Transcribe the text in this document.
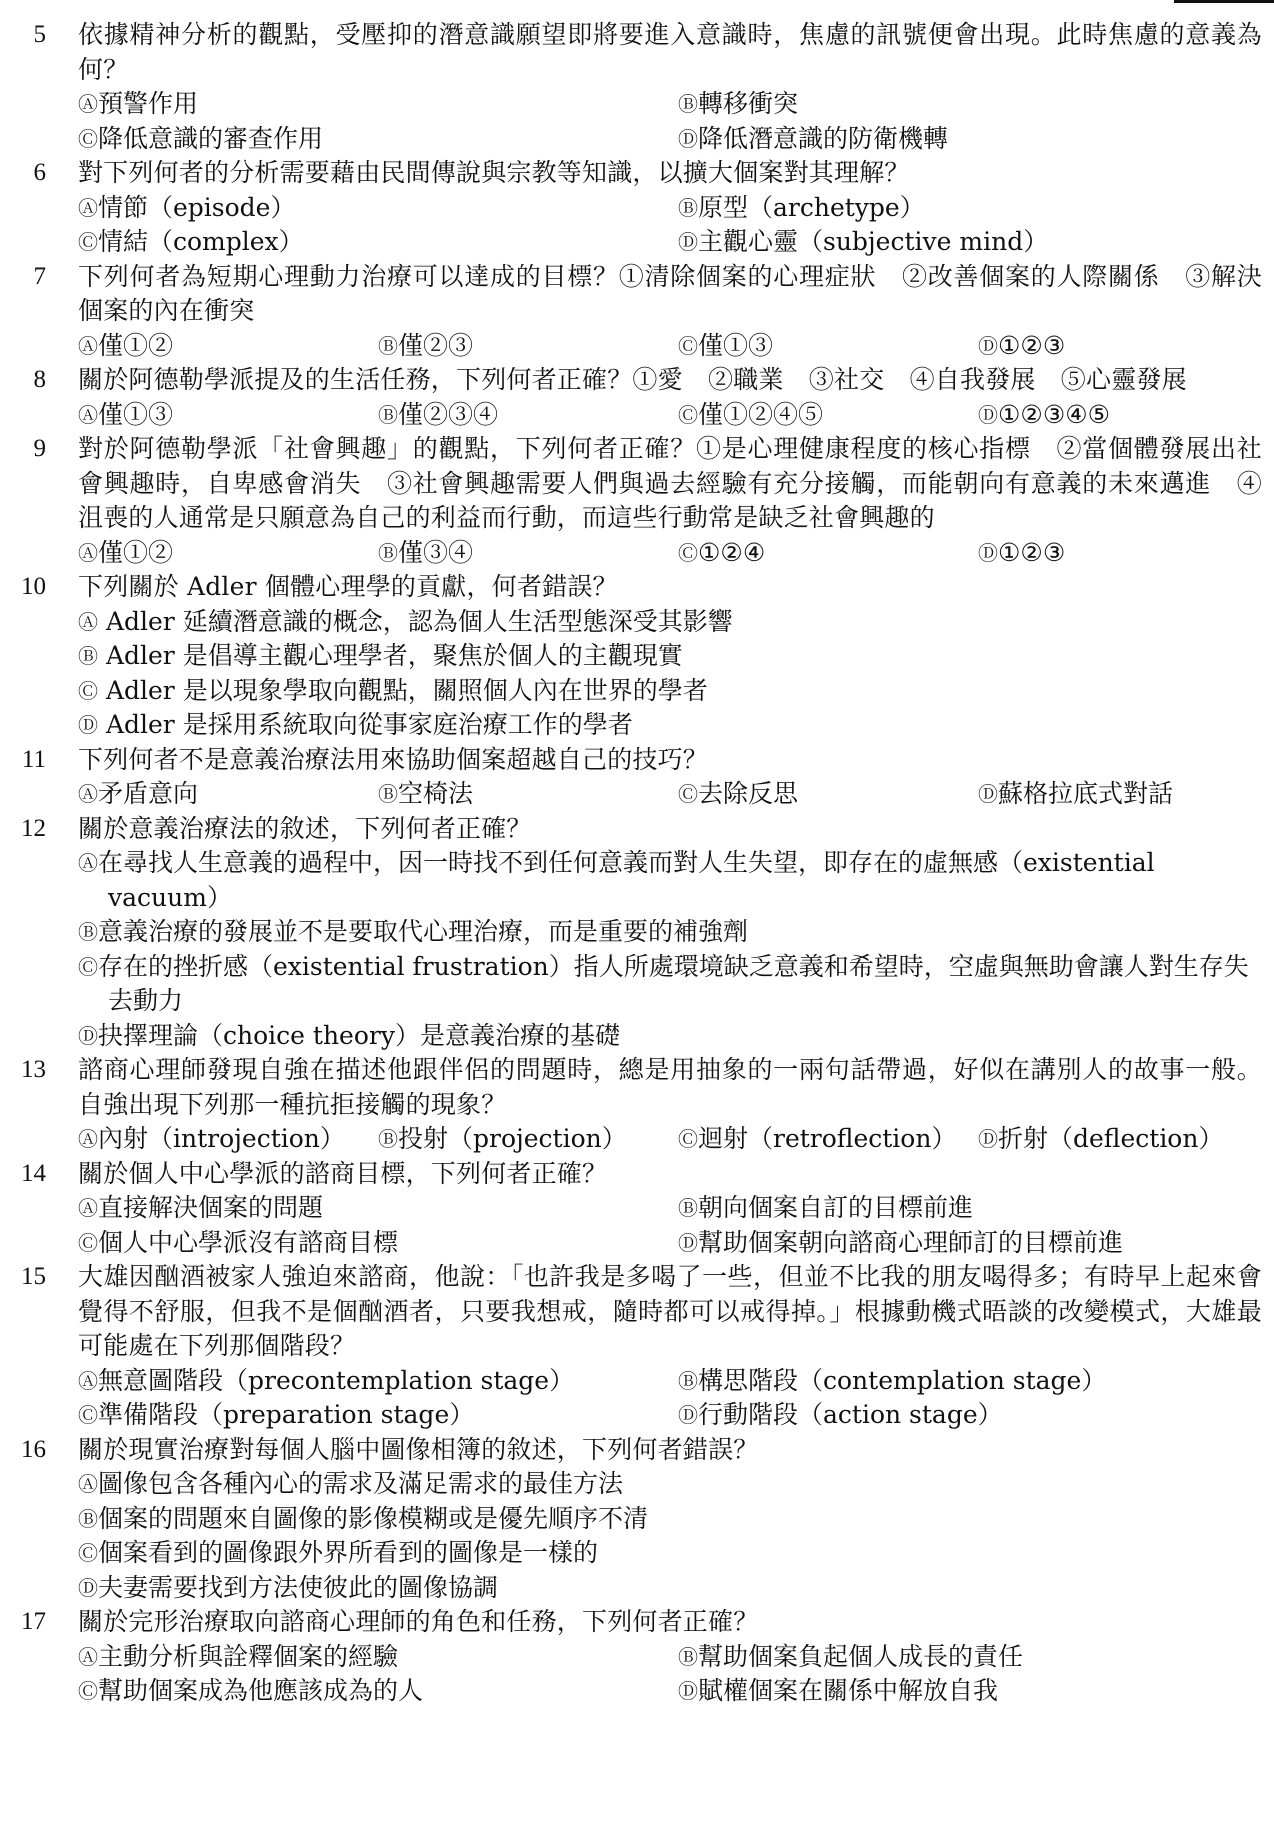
5 依據精神分析的觀點，受壓抑的潛意識願望即將要進入意識時，焦慮的訊號便會出現。此時焦慮的意義為何？
Ⓐ預警作用	Ⓑ轉移衝突
Ⓒ降低意識的審查作用	Ⓓ降低潛意識的防衛機轉
6 對下列何者的分析需要藉由民間傳說與宗教等知識，以擴大個案對其理解？
Ⓐ情節（episode）	Ⓑ原型（archetype）
Ⓒ情結（complex）	Ⓓ主觀心靈（subjective mind）
7 下列何者為短期心理動力治療可以達成的目標？①清除個案的心理症狀　②改善個案的人際關係　③解決個案的內在衝突
Ⓐ僅①②	Ⓑ僅②③	Ⓒ僅①③	Ⓓ①②③
8 關於阿德勒學派提及的生活任務，下列何者正確？①愛　②職業　③社交　④自我發展　⑤心靈發展
Ⓐ僅①③	Ⓑ僅②③④	Ⓒ僅①②④⑤	Ⓓ①②③④⑤
9 對於阿德勒學派「社會興趣」的觀點，下列何者正確？①是心理健康程度的核心指標　②當個體發展出社會興趣時，自卑感會消失　③社會興趣需要人們與過去經驗有充分接觸，而能朝向有意義的未來邁進　④沮喪的人通常是只願意為自己的利益而行動，而這些行動常是缺乏社會興趣的
Ⓐ僅①②	Ⓑ僅③④	Ⓒ①②④	Ⓓ①②③
10 下列關於 Adler 個體心理學的貢獻，何者錯誤？
Ⓐ Adler 延續潛意識的概念，認為個人生活型態深受其影響
Ⓑ Adler 是倡導主觀心理學者，聚焦於個人的主觀現實
Ⓒ Adler 是以現象學取向觀點，關照個人內在世界的學者
Ⓓ Adler 是採用系統取向從事家庭治療工作的學者
11 下列何者不是意義治療法用來協助個案超越自己的技巧？
Ⓐ矛盾意向	Ⓑ空椅法	Ⓒ去除反思	Ⓓ蘇格拉底式對話
12 關於意義治療法的敘述，下列何者正確？
Ⓐ在尋找人生意義的過程中，因一時找不到任何意義而對人生失望，即存在的虛無感（existential vacuum）
Ⓑ意義治療的發展並不是要取代心理治療，而是重要的補強劑
Ⓒ存在的挫折感（existential frustration）指人所處環境缺乏意義和希望時，空虛與無助會讓人對生存失去動力
Ⓓ抉擇理論（choice theory）是意義治療的基礎
13 諮商心理師發現自強在描述他跟伴侶的問題時，總是用抽象的一兩句話帶過，好似在講別人的故事一般。自強出現下列那一種抗拒接觸的現象？
Ⓐ內射（introjection）	Ⓑ投射（projection）	Ⓒ迴射（retroflection）	Ⓓ折射（deflection）
14 關於個人中心學派的諮商目標，下列何者正確？
Ⓐ直接解決個案的問題	Ⓑ朝向個案自訂的目標前進
Ⓒ個人中心學派沒有諮商目標	Ⓓ幫助個案朝向諮商心理師訂的目標前進
15 大雄因酗酒被家人強迫來諮商，他說：「也許我是多喝了一些，但並不比我的朋友喝得多；有時早上起來會覺得不舒服，但我不是個酗酒者，只要我想戒，隨時都可以戒得掉。」根據動機式晤談的改變模式，大雄最可能處在下列那個階段？
Ⓐ無意圖階段（precontemplation stage）	Ⓑ構思階段（contemplation stage）
Ⓒ準備階段（preparation stage）	Ⓓ行動階段（action stage）
16 關於現實治療對每個人腦中圖像相簿的敘述，下列何者錯誤？
Ⓐ圖像包含各種內心的需求及滿足需求的最佳方法
Ⓑ個案的問題來自圖像的影像模糊或是優先順序不清
Ⓒ個案看到的圖像跟外界所看到的圖像是一樣的
Ⓓ夫妻需要找到方法使彼此的圖像協調
17 關於完形治療取向諮商心理師的角色和任務，下列何者正確？
Ⓐ主動分析與詮釋個案的經驗	Ⓑ幫助個案負起個人成長的責任
Ⓒ幫助個案成為他應該成為的人	Ⓓ賦權個案在關係中解放自我
